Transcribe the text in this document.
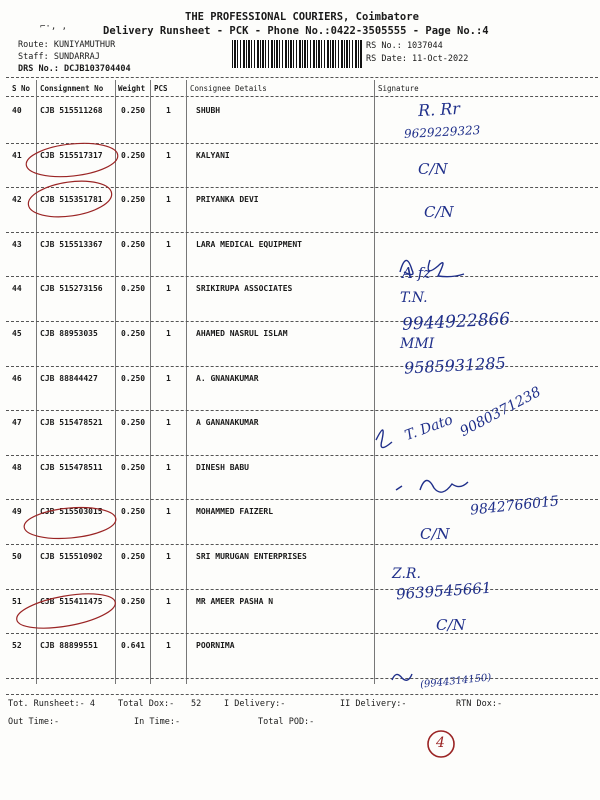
THE PROFESSIONAL COURIERS, Coimbatore
Delivery Runsheet - PCK - Phone No.:0422-3505555 - Page No.:4
⌐·, ,
Route: KUNIYAMUTHUR
Staff: SUNDARRAJ
DRS No.: DCJB103704404
RS No.: 1037044
RS Date: 11-Oct-2022
S No Consignment No Weight PCS	Consignee Details	Signature
40 CJB 515511268 0.250	1	SHUBH
41 CJB 515517317 0.250	1	KALYANI
42 CJB 515351781 0.250	1	PRIYANKA DEVI
43 CJB 515513367 0.250	1	LARA MEDICAL EQUIPMENT
44 CJB 515273156 0.250	1	SRIKIRUPA ASSOCIATES
45 CJB 88953035	0.250	1	AHAMED NASRUL ISLAM
46 CJB 88844427	0.250	1	A. GNANAKUMAR
47 CJB 515478521 0.250	1	A GANANAKUMAR
48 CJB 515478511 0.250	1	DINESH BABU
49 CJB 515503015 0.250	1	MOHAMMED FAIZERL
50 CJB 515510902 0.250	1	SRI MURUGAN ENTERPRISES
51 CJB 515411475 0.250	1	MR AMEER PASHA N
52 CJB 88899551	0.641	1	POORNIMA
Tot. Runsheet:- 4	Total Dox:- 52	I Delivery:-	II Delivery:-	RTN Dox:-
Out Time:-	In Time:-	Total POD:-
4
R. Rr
9629229323
C/N
C/N
A fz
T.N.
9944922866
MMI
9585931285
T. Dato 9080371238
9842766015
C/N
Z.R.
9639545661
C/N
(9944314150)
